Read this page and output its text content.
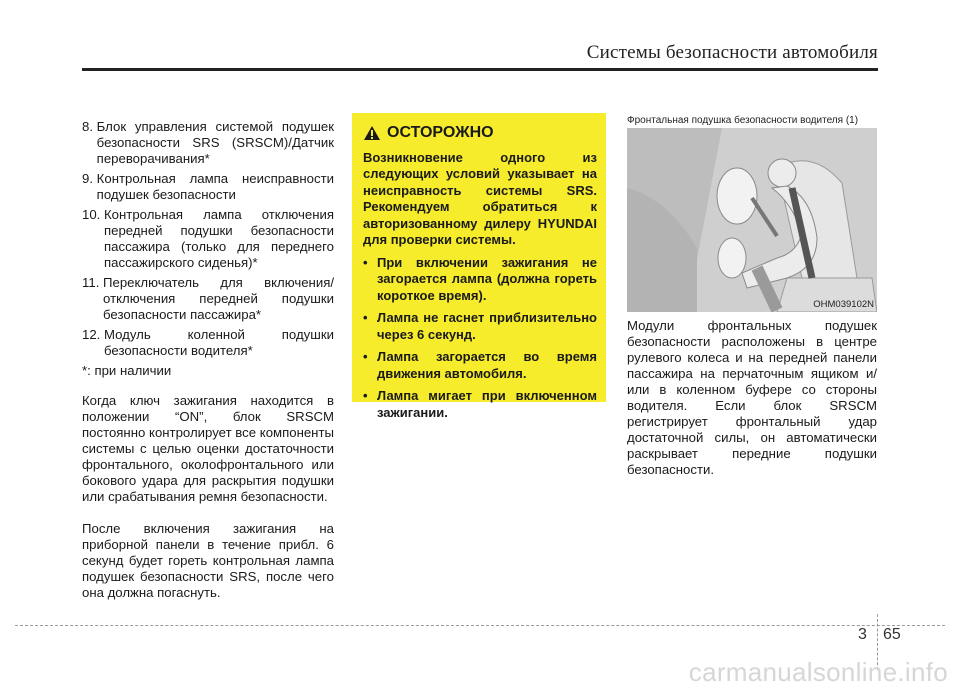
Системы безопасности автомобиля
8. Блок управления системой подушек безопасности SRS (SRSCM)/Датчик переворачивания*
9. Контрольная лампа неисправности подушек безопасности
10. Контрольная лампа отключения передней подушки безопасности пассажира (только для переднего пассажирского сиденья)*
11. Переключатель для включения/ отключения передней подушки безопасности пассажира*
12. Модуль коленной подушки безопасности водителя*
*: при наличии

Когда ключ зажигания находится в положении “ON”, блок SRSCM постоянно контролирует все компоненты системы с целью оценки достаточности фронтального, околофронтального или бокового удара для раскрытия подушки или срабатывания ремня безопасности.

После включения зажигания на приборной панели в течение прибл. 6 секунд будет гореть контрольная лампа подушек безопасности SRS, после чего она должна погаснуть.

ОСТОРОЖНО
Возникновение одного из следующих условий указывает на неисправность системы SRS. Рекомендуем обратиться к авторизованному дилеру HYUNDAI для проверки системы.
• При включении зажигания не загорается лампа (должна гореть короткое время).
• Лампа не гаснет приблизительно через 6 секунд.
• Лампа загорается во время движения автомобиля.
• Лампа мигает при включенном зажигании.
Фронтальная подушка безопасности водителя (1)
OHM039102N

Модули фронтальных подушек безопасности расположены в центре рулевого колеса и на передней панели пассажира на перчаточным ящиком и/или в коленном буфере со стороны водителя. Если блок SRSCM регистрирует фронтальный удар достаточной силы, он автоматически раскрывает передние подушки безопасности.

3 65
carmanualsonline.info
